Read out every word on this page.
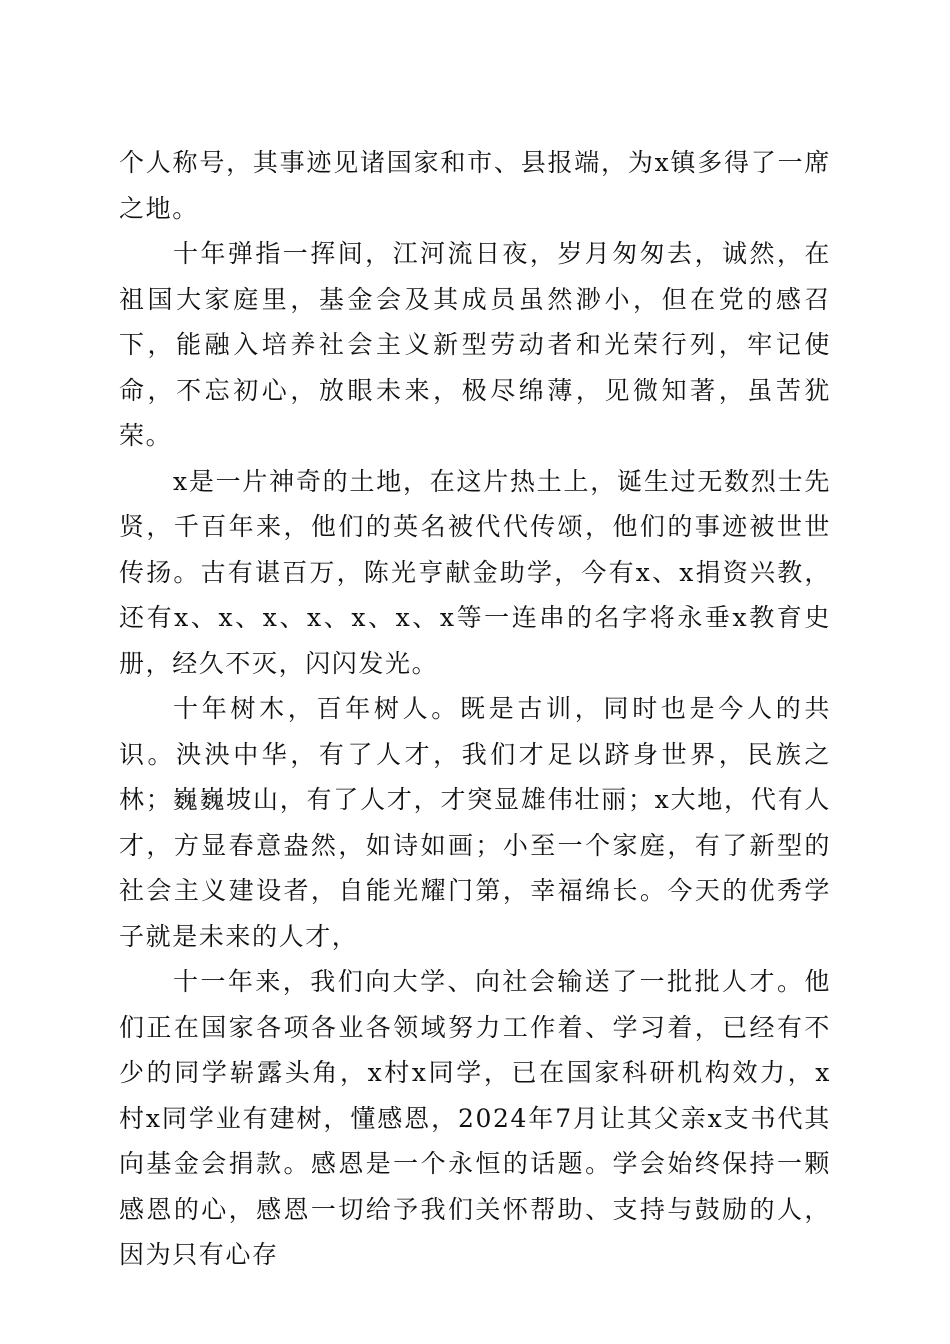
个人称号，其事迹见诸国家和市、县报端，为x镇多得了一席之地。

十年弹指一挥间，江河流日夜，岁月匆匆去，诚然，在祖国大家庭里，基金会及其成员虽然渺小，但在党的感召下，能融入培养社会主义新型劳动者和光荣行列，牢记使命，不忘初心，放眼未来，极尽绵薄，见微知著，虽苦犹荣。

x是一片神奇的土地，在这片热土上，诞生过无数烈士先贤，千百年来，他们的英名被代代传颂，他们的事迹被世世传扬。古有谌百万，陈光亨献金助学，今有x、x捐资兴教，还有x、x、x、x、x、x、x等一连串的名字将永垂x教育史册，经久不灭，闪闪发光。

十年树木，百年树人。既是古训，同时也是今人的共识。泱泱中华，有了人才，我们才足以跻身世界，民族之林；巍巍坡山，有了人才，才突显雄伟壮丽；x大地，代有人才，方显春意盎然，如诗如画；小至一个家庭，有了新型的社会主义建设者，自能光耀门第，幸福绵长。今天的优秀学子就是未来的人才，

十一年来，我们向大学、向社会输送了一批批人才。他们正在国家各项各业各领域努力工作着、学习着，已经有不少的同学崭露头角，x村x同学，已在国家科研机构效力，x村x同学业有建树，懂感恩，2024年7月让其父亲x支书代其向基金会捐款。感恩是一个永恒的话题。学会始终保持一颗感恩的心，感恩一切给予我们关怀帮助、支持与鼓励的人，因为只有心存
